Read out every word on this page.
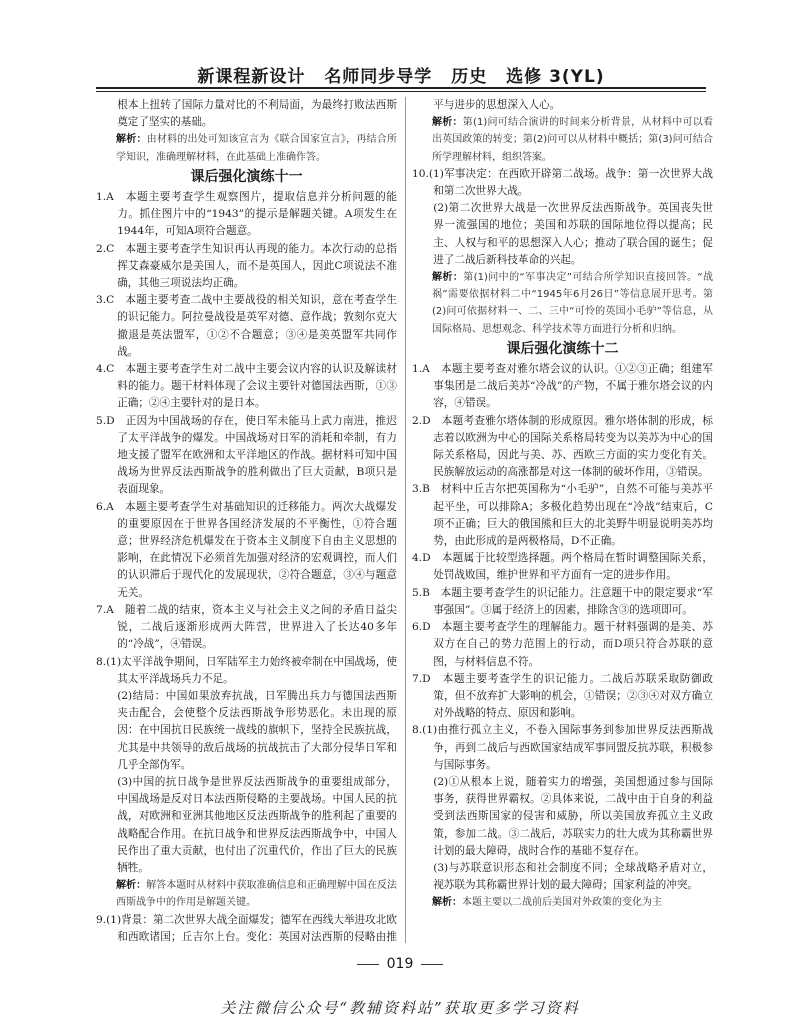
新课程新设计 名师同步导学 历史 选修 3(YL)

根本上扭转了国际力量对比的不利局面，为最终打败法西斯奠定了坚实的基础。

解析：由材料的出处可知该宣言为《联合国家宣言》，再结合所学知识，准确理解材料，在此基础上准确作答。

课后强化演练十一

1.A　本题主要考查学生观察图片，提取信息并分析问题的能力。抓住图片中的“1943”的提示是解题关键。A项发生在1944年，可知A项符合题意。

2.C　本题主要考查学生知识再认再现的能力。本次行动的总指挥艾森豪威尔是美国人，而不是英国人，因此C项说法不准确，其他三项说法均正确。

3.C　本题主要考查二战中主要战役的相关知识，意在考查学生的识记能力。阿拉曼战役是英军对德、意作战；敦刻尔克大撤退是英法盟军，①②不合题意；③④是美英盟军共同作战。

4.C　本题主要考查学生对二战中主要会议内容的认识及解读材料的能力。题干材料体现了会议主要针对德国法西斯，①③正确；②④主要针对的是日本。

5.D　正因为中国战场的存在，使日军未能马上武力南进，推迟了太平洋战争的爆发。中国战场对日军的消耗和牵制，有力地支援了盟军在欧洲和太平洋地区的作战。据材料可知中国战场为世界反法西斯战争的胜利做出了巨大贡献，B项只是表面现象。

6.A　本题主要考查学生对基础知识的迁移能力。两次大战爆发的重要原因在于世界各国经济发展的不平衡性，①符合题意；世界经济危机爆发在于资本主义制度下自由主义思想的影响，在此情况下必须首先加强对经济的宏观调控，而人们的认识滞后于现代化的发展现状，②符合题意，③④与题意无关。

7.A　随着二战的结束，资本主义与社会主义之间的矛盾日益尖锐，二战后逐渐形成两大阵营，世界进入了长达40多年的“冷战”，④错误。

8.(1)太平洋战争期间，日军陆军主力始终被牵制在中国战场，使其太平洋战场兵力不足。

(2)结局：中国如果放弃抗战，日军腾出兵力与德国法西斯夹击配合，会使整个反法西斯战争形势恶化。未出现的原因：在中国抗日民族统一战线的旗帜下，坚持全民族抗战，尤其是中共领导的敌后战场的抗战抗击了大部分侵华日军和几乎全部伪军。

(3)中国的抗日战争是世界反法西斯战争的重要组成部分，中国战场是反对日本法西斯侵略的主要战场。中国人民的抗战，对欧洲和亚洲其他地区反法西斯战争的胜利起了重要的战略配合作用。在抗日战争和世界反法西斯战争中，中国人民作出了重大贡献，也付出了沉重代价，作出了巨大的民族牺牲。

解析：解答本题时从材料中获取准确信息和正确理解中国在反法西斯战争中的作用是解题关键。

9.(1)背景：第二次世界大战全面爆发；德军在西线大举进攻北欧和西欧诸国；丘吉尔上台。变化：英国对法西斯的侵略由推

平与进步的思想深入人心。

解析：第(1)问可结合演讲的时间来分析背景，从材料中可以看出英国政策的转变；第(2)问可以从材料中概括；第(3)问可结合所学理解材料，组织答案。

10.(1)军事决定：在西欧开辟第二战场。战争：第一次世界大战和第二次世界大战。

(2)第二次世界大战是一次世界反法西斯战争。英国丧失世界一流强国的地位；美国和苏联的国际地位得以提高；民主、人权与和平的思想深入人心；推动了联合国的诞生；促进了二战后新科技革命的兴起。

解析：第(1)问中的“军事决定”可结合所学知识直接回答。“战祸”需要依据材料二中“1945年6月26日”等信息展开思考。第(2)问可依据材料一、二、三中“可怜的英国小毛驴”等信息，从国际格局、思想观念、科学技术等方面进行分析和归纳。

课后强化演练十二

1.A　本题主要考查对雅尔塔会议的认识。①②③正确；组建军事集团是二战后美苏“冷战”的产物，不属于雅尔塔会议的内容，④错误。

2.D　本题考查雅尔塔体制的形成原因。雅尔塔体制的形成，标志着以欧洲为中心的国际关系格局转变为以美苏为中心的国际关系格局，因此与美、苏、西欧三方面的实力变化有关。民族解放运动的高涨都是对这一体制的破坏作用，③错误。

3.B　材料中丘吉尔把英国称为“小毛驴”，自然不可能与美苏平起平坐，可以排除A；多极化趋势出现在“冷战”结束后，C项不正确；巨大的俄国熊和巨大的北美野牛明显说明美苏均势，由此形成的是两极格局，D不正确。

4.D　本题属于比较型选择题。两个格局在暂时调整国际关系，处罚战败国，维护世界和平方面有一定的进步作用。

5.B　本题主要考查学生的识记能力。注意题干中的限定要求“军事强国”。③属于经济上的因素，排除含③的选项即可。

6.D　本题主要考查学生的理解能力。题干材料强调的是美、苏双方在自己的势力范围上的行动，而D项只符合苏联的意图，与材料信息不符。

7.D　本题主要考查学生的识记能力。二战后苏联采取防御政策，但不放弃扩大影响的机会，①错误；②③④对双方确立对外战略的特点、原因和影响。

8.(1)由推行孤立主义，不卷入国际事务到参加世界反法西斯战争，再到二战后与西欧国家结成军事同盟反抗苏联，积极参与国际事务。

(2)①从根本上说，随着实力的增强，美国想通过参与国际事务，获得世界霸权。②具体来说，二战中由于自身的利益受到法西斯国家的侵害和威胁，所以美国放弃孤立主义政策，参加二战。③二战后，苏联实力的壮大成为其称霸世界计划的最大障碍，战时合作的基础不复存在。

(3)与苏联意识形态和社会制度不同；全球战略矛盾对立，视苏联为其称霸世界计划的最大障碍；国家利益的冲突。

解析：本题主要以二战前后美国对外政策的变化为主

019
关注微信公众号“教辅资料站”获取更多学习资料
